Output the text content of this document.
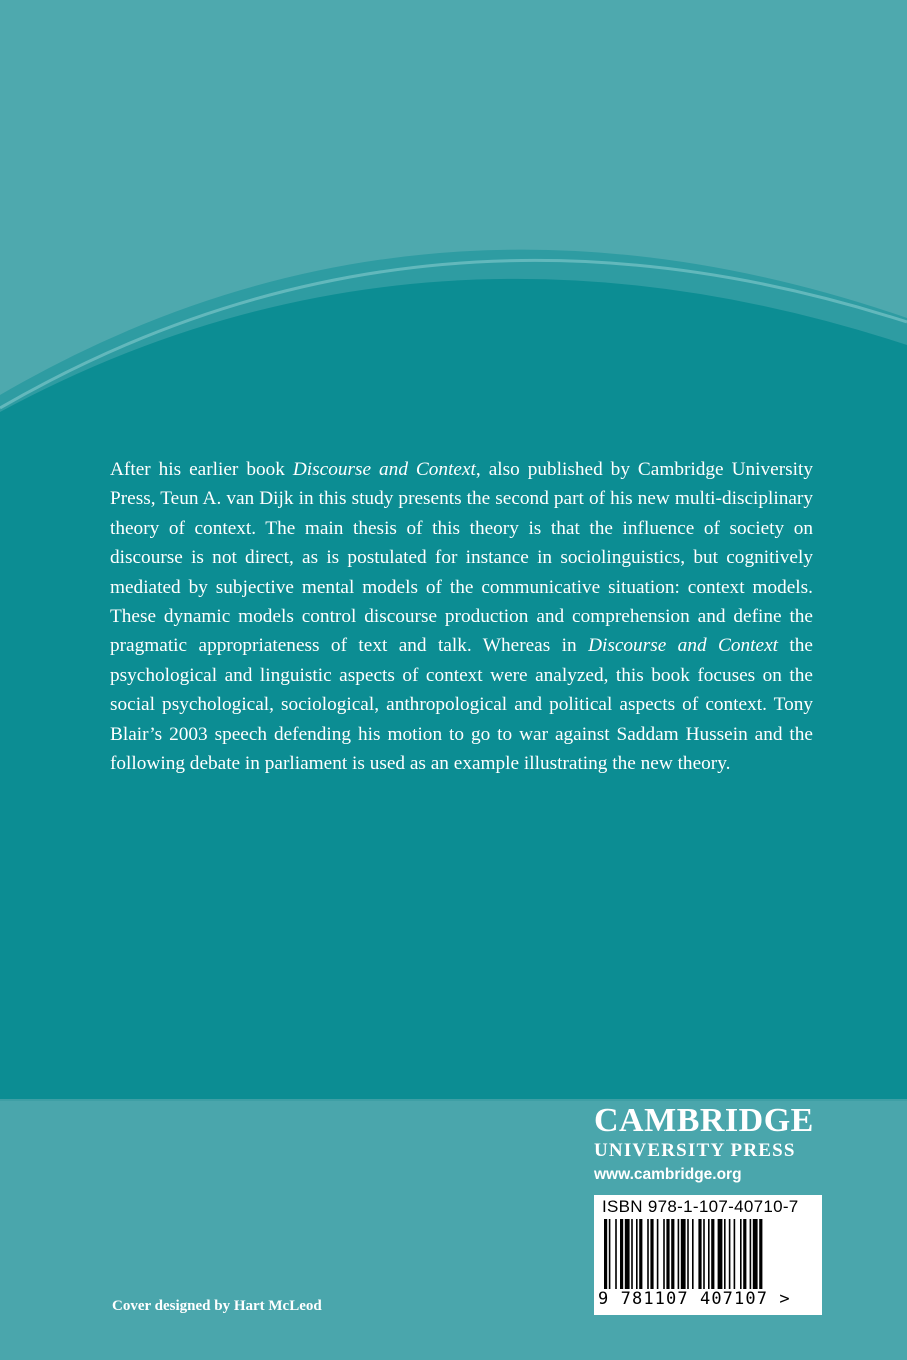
After his earlier book Discourse and Context, also published by Cambridge University Press, Teun A. van Dijk in this study presents the second part of his new multi-disciplinary theory of context. The main thesis of this theory is that the influence of society on discourse is not direct, as is postulated for instance in sociolinguistics, but cognitively mediated by subjective mental models of the communicative situation: context models. These dynamic models control discourse production and comprehension and define the pragmatic appropriateness of text and talk. Whereas in Discourse and Context the psychological and linguistic aspects of context were analyzed, this book focuses on the social psychological, sociological, anthropological and political aspects of context. Tony Blair’s 2003 speech defending his motion to go to war against Saddam Hussein and the following debate in parliament is used as an example illustrating the new theory.

CAMBRIDGE
UNIVERSITY PRESS
www.cambridge.org
ISBN 978-1-107-40710-7
9 781107 407107 >
Cover designed by Hart McLeod
